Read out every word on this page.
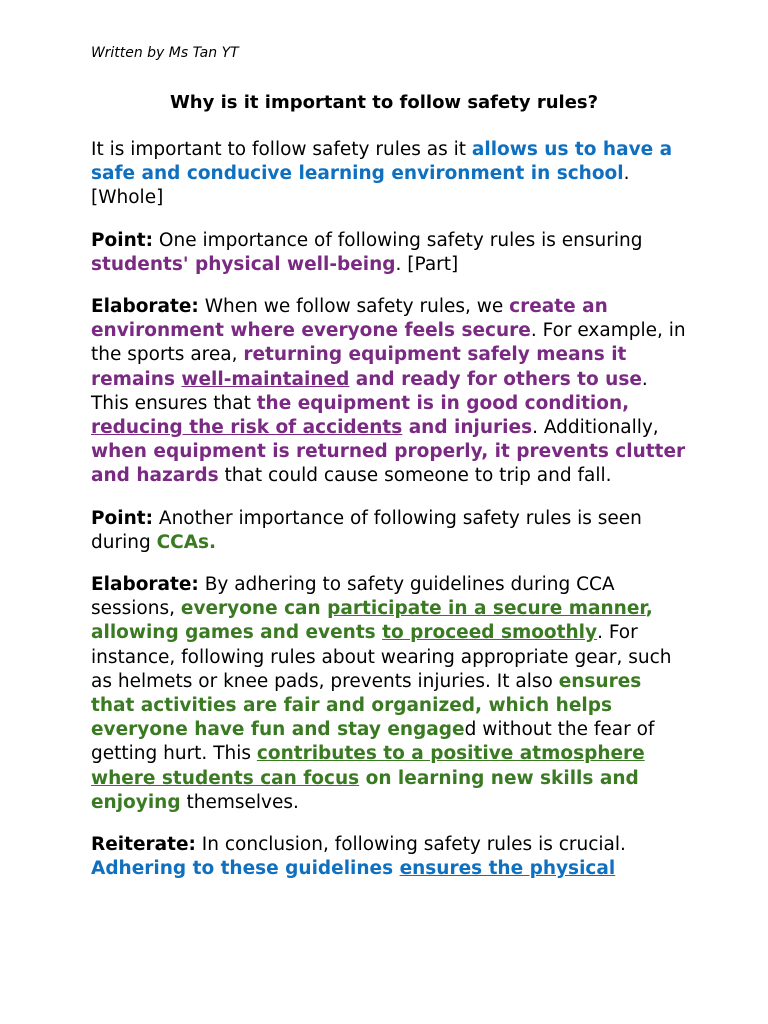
Written by Ms Tan YT
Why is it important to follow safety rules?

It is important to follow safety rules as it allows us to have a safe and conducive learning environment in school. [Whole]

Point: One importance of following safety rules is ensuring students' physical well-being. [Part]

Elaborate: When we follow safety rules, we create an environment where everyone feels secure. For example, in the sports area, returning equipment safely means it remains well-maintained and ready for others to use. This ensures that the equipment is in good condition, reducing the risk of accidents and injuries. Additionally, when equipment is returned properly, it prevents clutter and hazards that could cause someone to trip and fall.

Point: Another importance of following safety rules is seen during CCAs.

Elaborate: By adhering to safety guidelines during CCA sessions, everyone can participate in a secure manner, allowing games and events to proceed smoothly. For instance, following rules about wearing appropriate gear, such as helmets or knee pads, prevents injuries. It also ensures that activities are fair and organized, which helps everyone have fun and stay engaged without the fear of getting hurt. This contributes to a positive atmosphere where students can focus on learning new skills and enjoying themselves.

Reiterate: In conclusion, following safety rules is crucial. Adhering to these guidelines ensures the physical
